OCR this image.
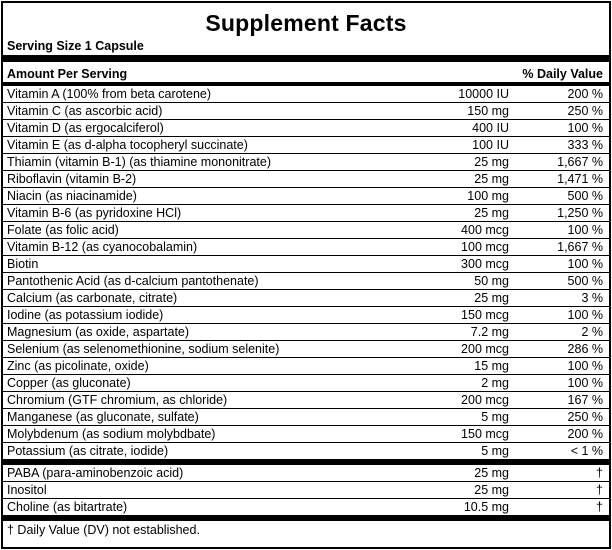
Supplement Facts
Serving Size 1 Capsule
Amount Per Serving	% Daily Value
Vitamin A (100% from beta carotene)	10000 IU	200 %
Vitamin C (as ascorbic acid)	150 mg	250 %
Vitamin D (as ergocalciferol)	400 IU	100 %
Vitamin E (as d-alpha tocopheryl succinate)	100 IU	333 %
Thiamin (vitamin B-1) (as thiamine mononitrate)	25 mg	1,667 %
Riboflavin (vitamin B-2)	25 mg	1,471 %
Niacin (as niacinamide)	100 mg	500 %
Vitamin B-6 (as pyridoxine HCl)	25 mg	1,250 %
Folate (as folic acid)	400 mcg	100 %
Vitamin B-12 (as cyanocobalamin)	100 mcg	1,667 %
Biotin	300 mcg	100 %
Pantothenic Acid (as d-calcium pantothenate)	50 mg	500 %
Calcium (as carbonate, citrate)	25 mg	3 %
Iodine (as potassium iodide)	150 mcg	100 %
Magnesium (as oxide, aspartate)	7.2 mg	2 %
Selenium (as selenomethionine, sodium selenite)	200 mcg	286 %
Zinc (as picolinate, oxide)	15 mg	100 %
Copper (as gluconate)	2 mg	100 %
Chromium (GTF chromium, as chloride)	200 mcg	167 %
Manganese (as gluconate, sulfate)	5 mg	250 %
Molybdenum (as sodium molybdbate)	150 mcg	200 %
Potassium (as citrate, iodide)	5 mg	< 1 %
PABA (para-aminobenzoic acid)	25 mg	†
Inositol	25 mg	†
Choline (as bitartrate)	10.5 mg	†
† Daily Value (DV) not established.
